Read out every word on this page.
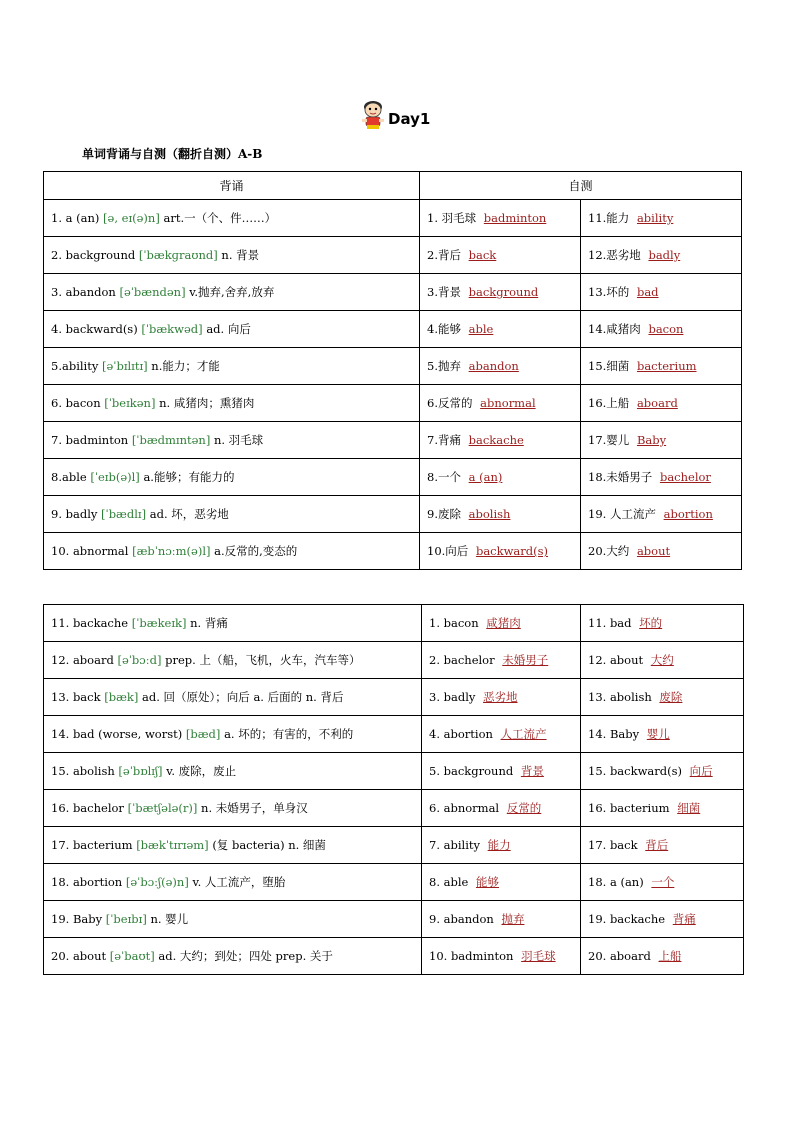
Day1
单词背诵与自测（翻折自测）A-B
背诵	自测	
1. a (an) [ə, eɪ(ə)n] art.一（个、件……）	1. 羽毛球 badminton	11.能力 ability
2. background [ˈbækɡraʊnd] n. 背景	2.背后 back	12.恶劣地 badly
3. abandon [əˈbændən] v.抛弃,舍弃,放弃	3.背景 background	13.坏的 bad
4. backward(s) [ˈbækwəd] ad. 向后	4.能够 able	14.咸猪肉 bacon
5.ability [əˈbɪlɪtɪ] n.能力；才能	5.抛弃 abandon	15.细菌 bacterium
6. bacon [ˈbeɪkən] n. 咸猪肉；熏猪肉	6.反常的 abnormal	16.上船 aboard
7. badminton [ˈbædmɪntən] n. 羽毛球	7.背痛 backache	17.婴儿 Baby
8.able [ˈeɪb(ə)l] a.能够；有能力的	8.一个 a (an)	18.未婚男子 bachelor
9. badly [ˈbædlɪ] ad. 坏，恶劣地	9.废除 abolish	19. 人工流产 abortion
10. abnormal [æbˈnɔːm(ə)l] a.反常的,变态的	10.向后 backward(s)	20.大约 about
11. backache [ˈbækeɪk] n. 背痛	1. bacon 咸猪肉	11. bad 坏的
12. aboard [əˈbɔːd] prep. 上（船，飞机，火车，汽车等）	2. bachelor 未婚男子	12. about 大约
13. back [bæk] ad. 回（原处）；向后 a. 后面的 n. 背后	3. badly 恶劣地	13. abolish 废除
14. bad (worse, worst) [bæd] a. 坏的；有害的，不利的	4. abortion 人工流产	14. Baby 婴儿
15. abolish [əˈbɒlɪʃ] v. 废除，废止	5. background 背景	15. backward(s) 向后
16. bachelor [ˈbætʃələ(r)] n. 未婚男子，单身汉	6. abnormal 反常的	16. bacterium 细菌
17. bacterium [bækˈtɪrɪəm] (复 bacteria) n. 细菌	7. ability 能力	17. back 背后
18. abortion [əˈbɔːʃ(ə)n] v. 人工流产，堕胎	8. able 能够	18. a (an) 一个
19. Baby [ˈbeɪbɪ] n. 婴儿	9. abandon 抛弃	19. backache 背痛
20. about [əˈbaʊt] ad. 大约；到处；四处 prep. 关于	10. badminton 羽毛球	20. aboard 上船
